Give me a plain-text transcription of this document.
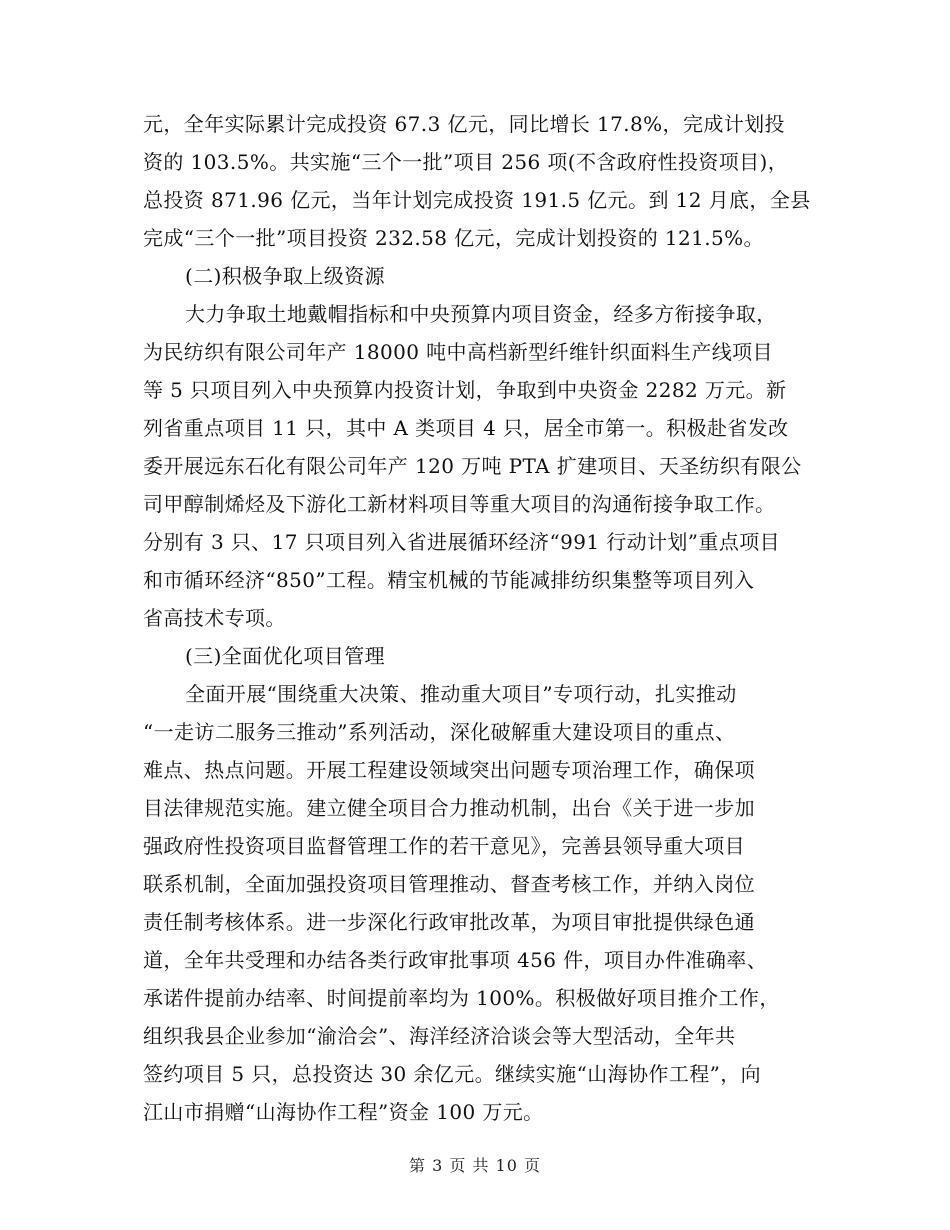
元，全年实际累计完成投资 67.3 亿元，同比增长 17.8%，完成计划投
资的 103.5%。共实施“三个一批”项目 256 项(不含政府性投资项目)，
总投资 871.96 亿元，当年计划完成投资 191.5 亿元。到 12 月底，全县
完成“三个一批”项目投资 232.58 亿元，完成计划投资的 121.5%。
(二)积极争取上级资源
大力争取土地戴帽指标和中央预算内项目资金，经多方衔接争取，
为民纺织有限公司年产 18000 吨中高档新型纤维针织面料生产线项目
等 5 只项目列入中央预算内投资计划，争取到中央资金 2282 万元。新
列省重点项目 11 只，其中 A 类项目 4 只，居全市第一。积极赴省发改
委开展远东石化有限公司年产 120 万吨 PTA 扩建项目、天圣纺织有限公
司甲醇制烯烃及下游化工新材料项目等重大项目的沟通衔接争取工作。
分别有 3 只、17 只项目列入省进展循环经济“991 行动计划”重点项目
和市循环经济“850”工程。精宝机械的节能减排纺织集整等项目列入
省高技术专项。
(三)全面优化项目管理
全面开展“围绕重大决策、推动重大项目”专项行动，扎实推动
“一走访二服务三推动”系列活动，深化破解重大建设项目的重点、
难点、热点问题。开展工程建设领域突出问题专项治理工作，确保项
目法律规范实施。建立健全项目合力推动机制，出台《关于进一步加
强政府性投资项目监督管理工作的若干意见》，完善县领导重大项目
联系机制，全面加强投资项目管理推动、督查考核工作，并纳入岗位
责任制考核体系。进一步深化行政审批改革，为项目审批提供绿色通
道，全年共受理和办结各类行政审批事项 456 件，项目办件准确率、
承诺件提前办结率、时间提前率均为 100%。积极做好项目推介工作，
组织我县企业参加“渝洽会”、海洋经济洽谈会等大型活动，全年共
签约项目 5 只，总投资达 30 余亿元。继续实施“山海协作工程”，向
江山市捐赠“山海协作工程”资金 100 万元。
第 3 页 共 10 页
